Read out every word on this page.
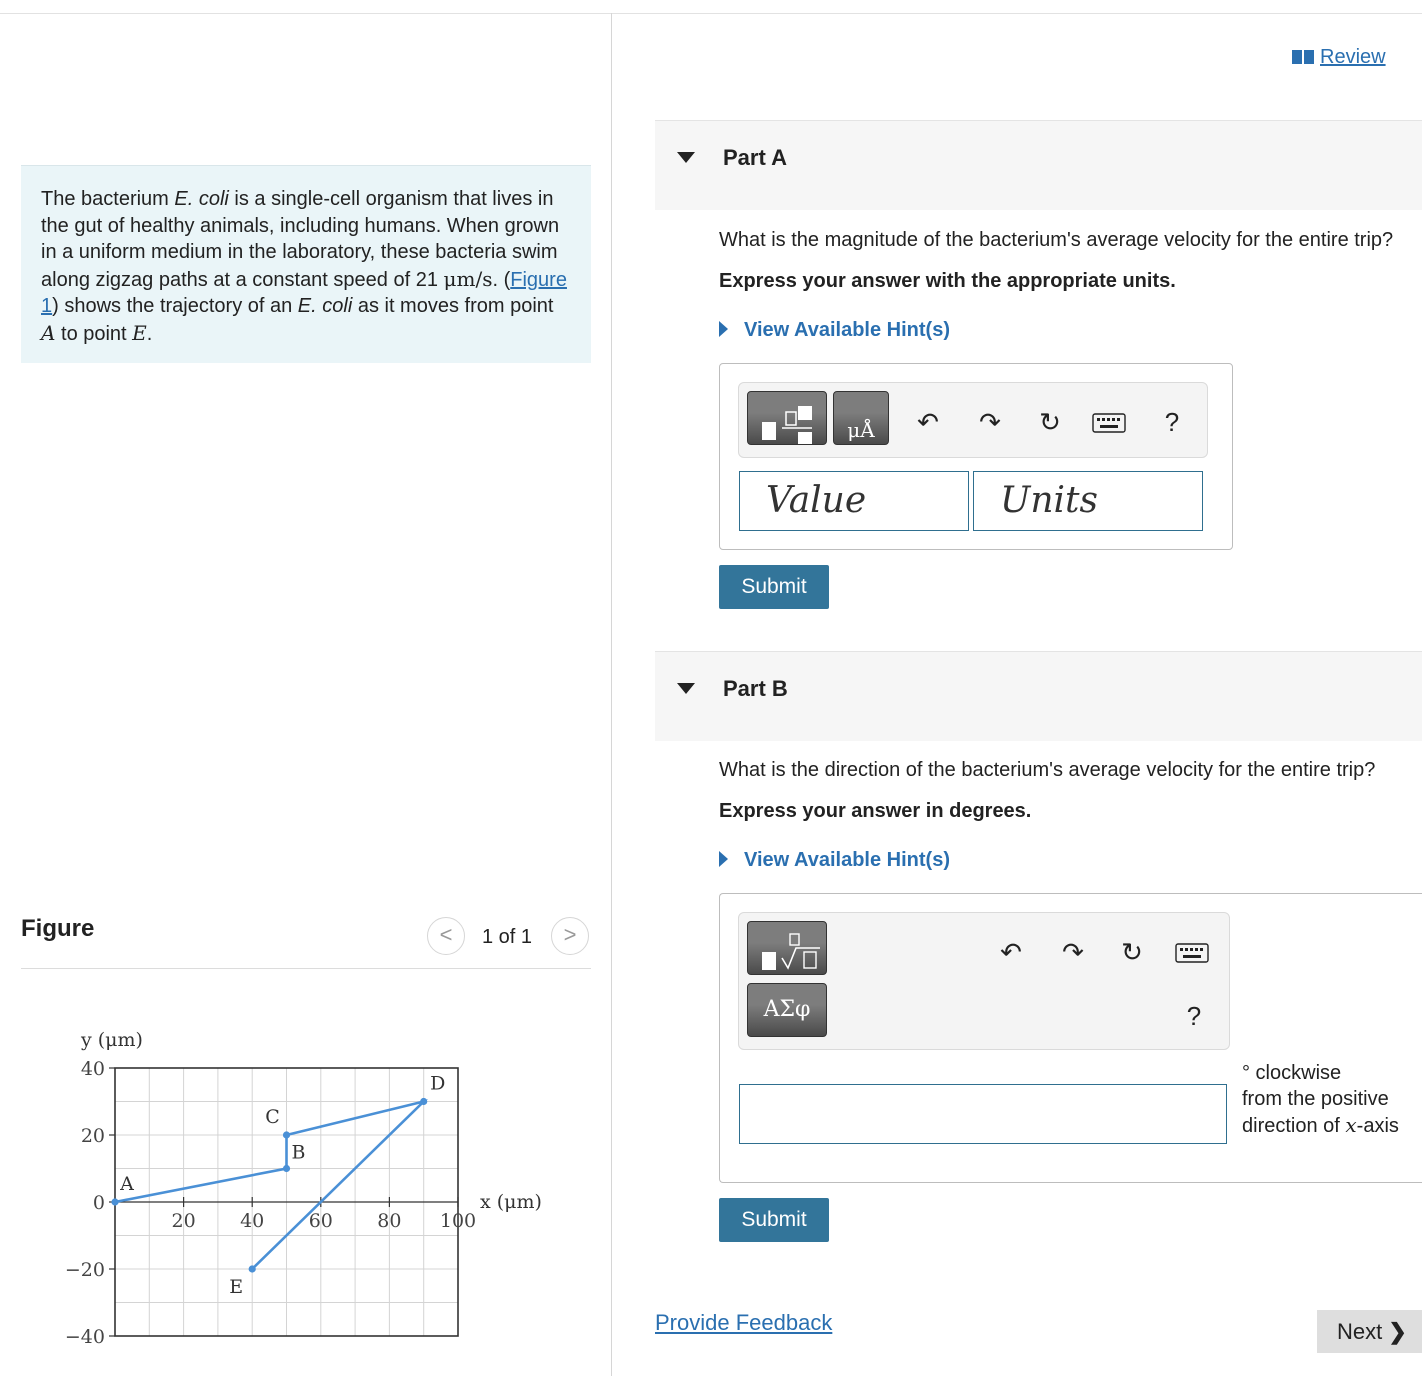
The bacterium E. coli is a single-cell organism that lives in the gut of healthy animals, including humans. When grown in a uniform medium in the laboratory, these bacteria swim along zigzag paths at a constant speed of 21 μm/s. (Figure 1) shows the trajectory of an E. coli as it moves from point A to point E.
Figure	<	1 of 1	>
20 40 60 80 100
40
20
0
−20
−40
A
B
C
D
E
x (μm)
y (μm)
Review
Part A
What is the magnitude of the bacterium's average velocity for the entire trip?
Express your answer with the appropriate units.
View Available Hint(s)
μÅ	↶ ↷ ↻	?
Value	Units
Submit
Part B
What is the direction of the bacterium's average velocity for the entire trip?
Express your answer in degrees.
View Available Hint(s)
ΑΣφ
↶ ↷ ↻
?
° clockwise
from the positive direction of x-axis
Submit
Provide Feedback	Next ❯
